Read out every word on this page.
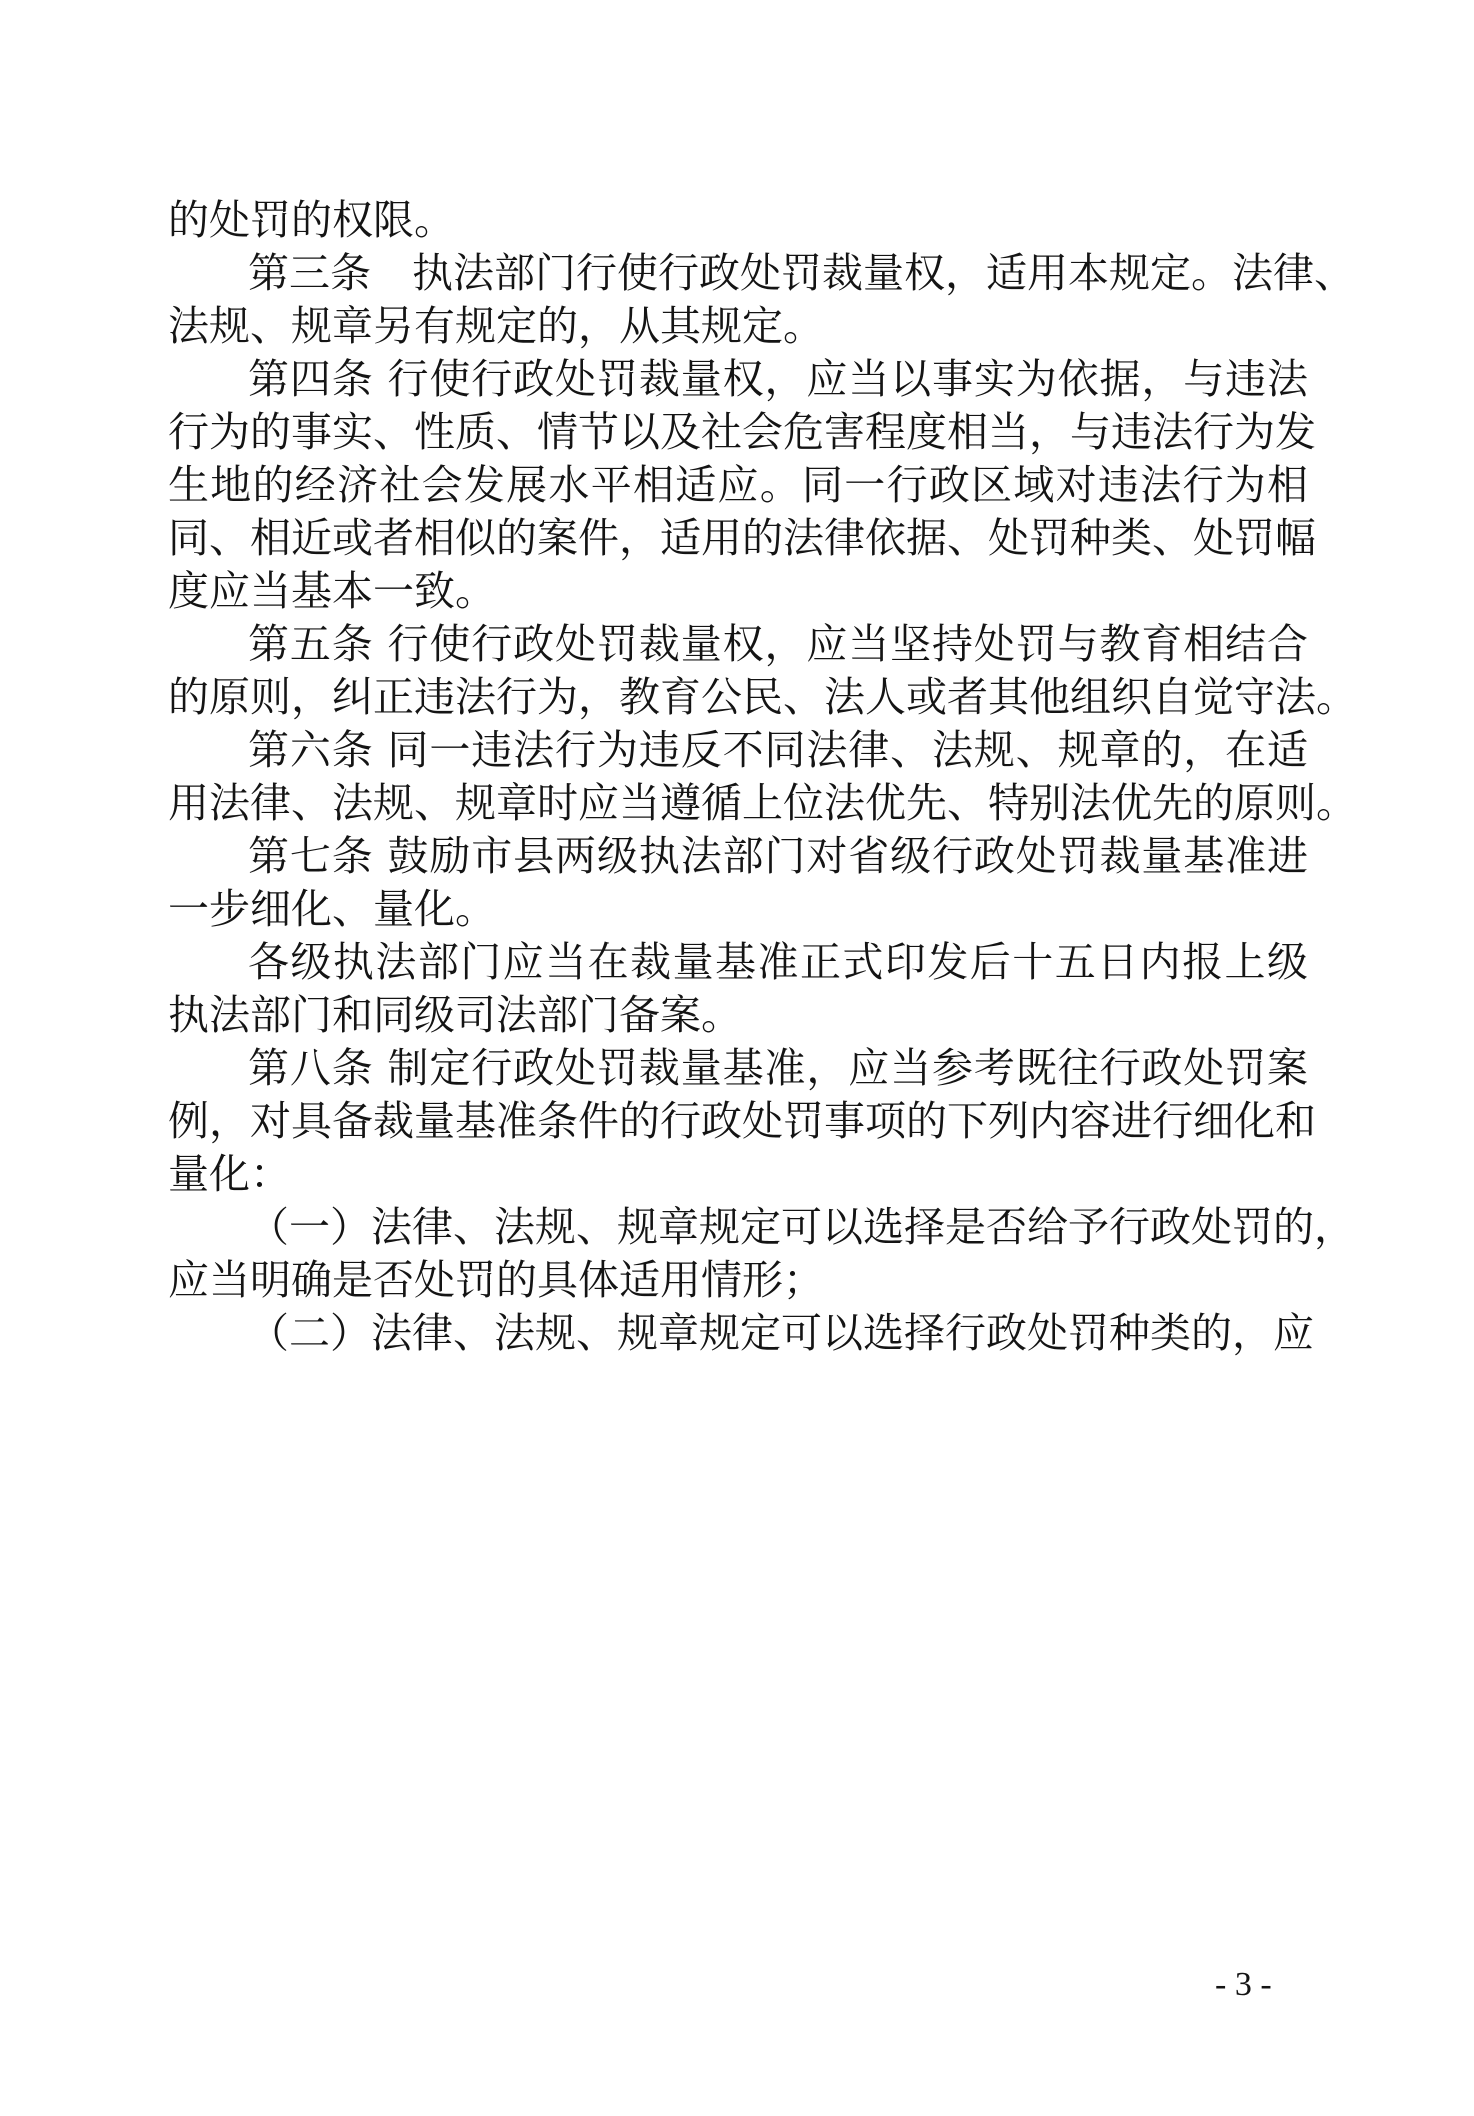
的处罚的权限。
第三条　执法部门行使行政处罚裁量权，适用本规定。法律、
法规、规章另有规定的，从其规定。
第四条 行使行政处罚裁量权，应当以事实为依据，与违法
行为的事实、性质、情节以及社会危害程度相当，与违法行为发
生地的经济社会发展水平相适应。同一行政区域对违法行为相
同、相近或者相似的案件，适用的法律依据、处罚种类、处罚幅
度应当基本一致。
第五条 行使行政处罚裁量权，应当坚持处罚与教育相结合
的原则，纠正违法行为，教育公民、法人或者其他组织自觉守法。
第六条 同一违法行为违反不同法律、法规、规章的，在适
用法律、法规、规章时应当遵循上位法优先、特别法优先的原则。
第七条 鼓励市县两级执法部门对省级行政处罚裁量基准进
一步细化、量化。
各级执法部门应当在裁量基准正式印发后十五日内报上级
执法部门和同级司法部门备案。
第八条 制定行政处罚裁量基准，应当参考既往行政处罚案
例，对具备裁量基准条件的行政处罚事项的下列内容进行细化和
量化：
（一）法律、法规、规章规定可以选择是否给予行政处罚的，
应当明确是否处罚的具体适用情形；
（二）法律、法规、规章规定可以选择行政处罚种类的，应
- 3 -
